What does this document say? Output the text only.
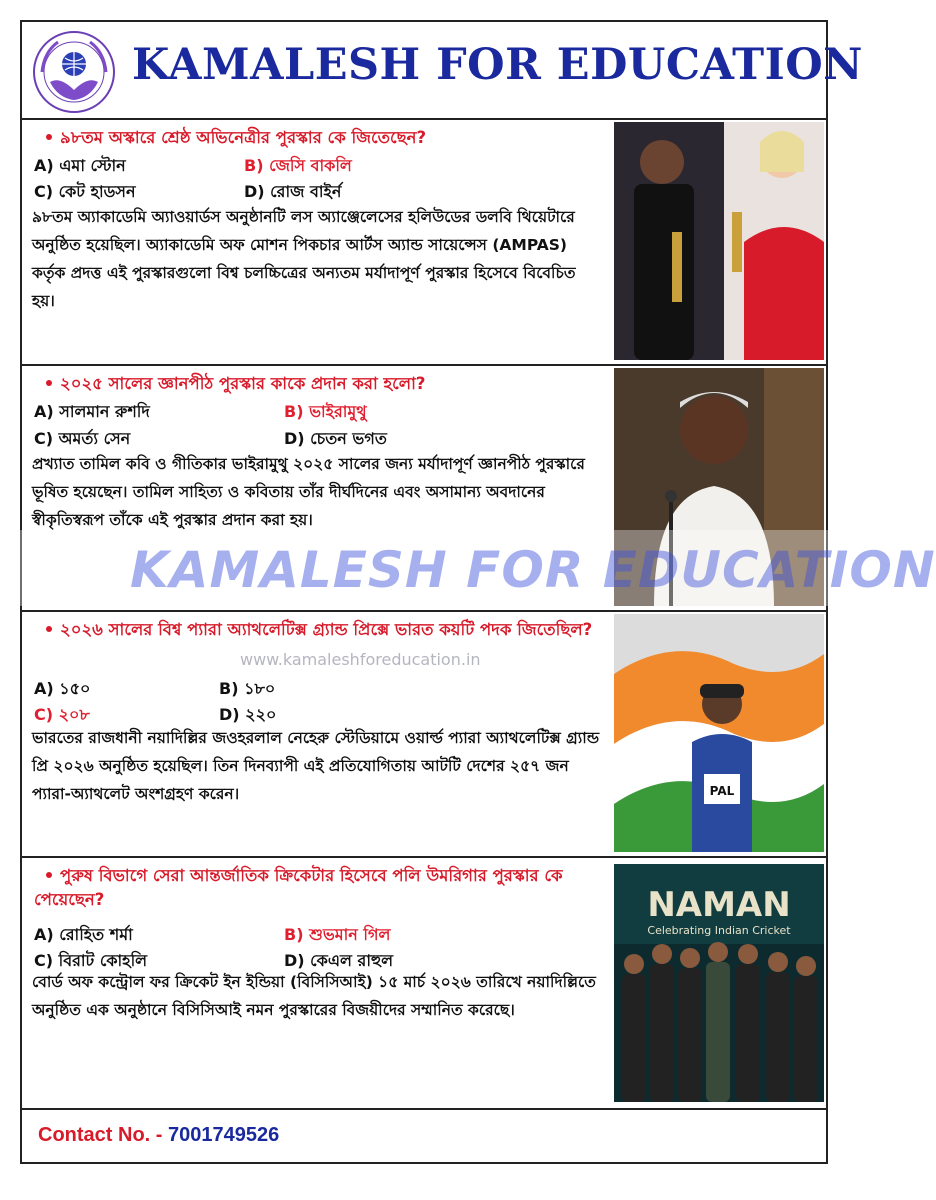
KAMALESH FOR EDUCATION
৯৮তম অস্কারে শ্রেষ্ঠ অভিনেত্রীর পুরস্কার কে জিতেছেন?
A) এমা স্টোন	B) জেসি বাকলি
C) কেট হাডসন	D) রোজ বাইর্ন
৯৮তম অ্যাকাডেমি অ্যাওয়ার্ডস অনুষ্ঠানটি লস অ্যাঞ্জেলেসের হলিউডের ডলবি থিয়েটারে অনুষ্ঠিত হয়েছিল। অ্যাকাডেমি অফ মোশন পিকচার আর্টস অ্যান্ড সায়েন্সেস (AMPAS) কর্তৃক প্রদত্ত এই পুরস্কারগুলো বিশ্ব চলচ্চিত্রের অন্যতম মর্যাদাপূর্ণ পুরস্কার হিসেবে বিবেচিত হয়।
২০২৫ সালের জ্ঞানপীঠ পুরস্কার কাকে প্রদান করা হলো?
A) সালমান রুশদি	B) ভাইরামুথু
C) অমর্ত্য সেন	D) চেতন ভগত
প্রখ্যাত তামিল কবি ও গীতিকার ভাইরামুথু ২০২৫ সালের জন্য মর্যাদাপূর্ণ জ্ঞানপীঠ পুরস্কারে ভূষিত হয়েছেন। তামিল সাহিত্য ও কবিতায় তাঁর দীর্ঘদিনের এবং অসামান্য অবদানের স্বীকৃতিস্বরূপ তাঁকে এই পুরস্কার প্রদান করা হয়।
২০২৬ সালের বিশ্ব প্যারা অ্যাথলেটিক্স গ্র্যান্ড প্রিক্সে ভারত কয়টি পদক জিতেছিল?
A) ১৫০	B) ১৮০
C) ২০৮	D) ২২০
ভারতের রাজধানী নয়াদিল্লির জওহরলাল নেহেরু স্টেডিয়ামে ওয়ার্ল্ড প্যারা অ্যাথলেটিক্স গ্র্যান্ড প্রি ২০২৬ অনুষ্ঠিত হয়েছিল। তিন দিনব্যাপী এই প্রতিযোগিতায় আটটি দেশের ২৫৭ জন প্যারা-অ্যাথলেট অংশগ্রহণ করেন।	PAL
পুরুষ বিভাগে সেরা আন্তর্জাতিক ক্রিকেটার হিসেবে পলি উমরিগার পুরস্কার কে পেয়েছেন?
A) রোহিত শর্মা	B) শুভমান গিল
C) বিরাট কোহলি	D) কেএল রাহুল
বোর্ড অফ কন্ট্রোল ফর ক্রিকেট ইন ইন্ডিয়া (বিসিসিআই) ১৫ মার্চ ২০২৬ তারিখে নয়াদিল্লিতে অনুষ্ঠিত এক অনুষ্ঠানে বিসিসিআই নমন পুরস্কারের বিজয়ীদের সম্মানিত করেছে।
NAMAN
Celebrating Indian Cricket
KAMALESH FOR EDUCATION
www.kamaleshforeducation.in
Contact No. - 7001749526
